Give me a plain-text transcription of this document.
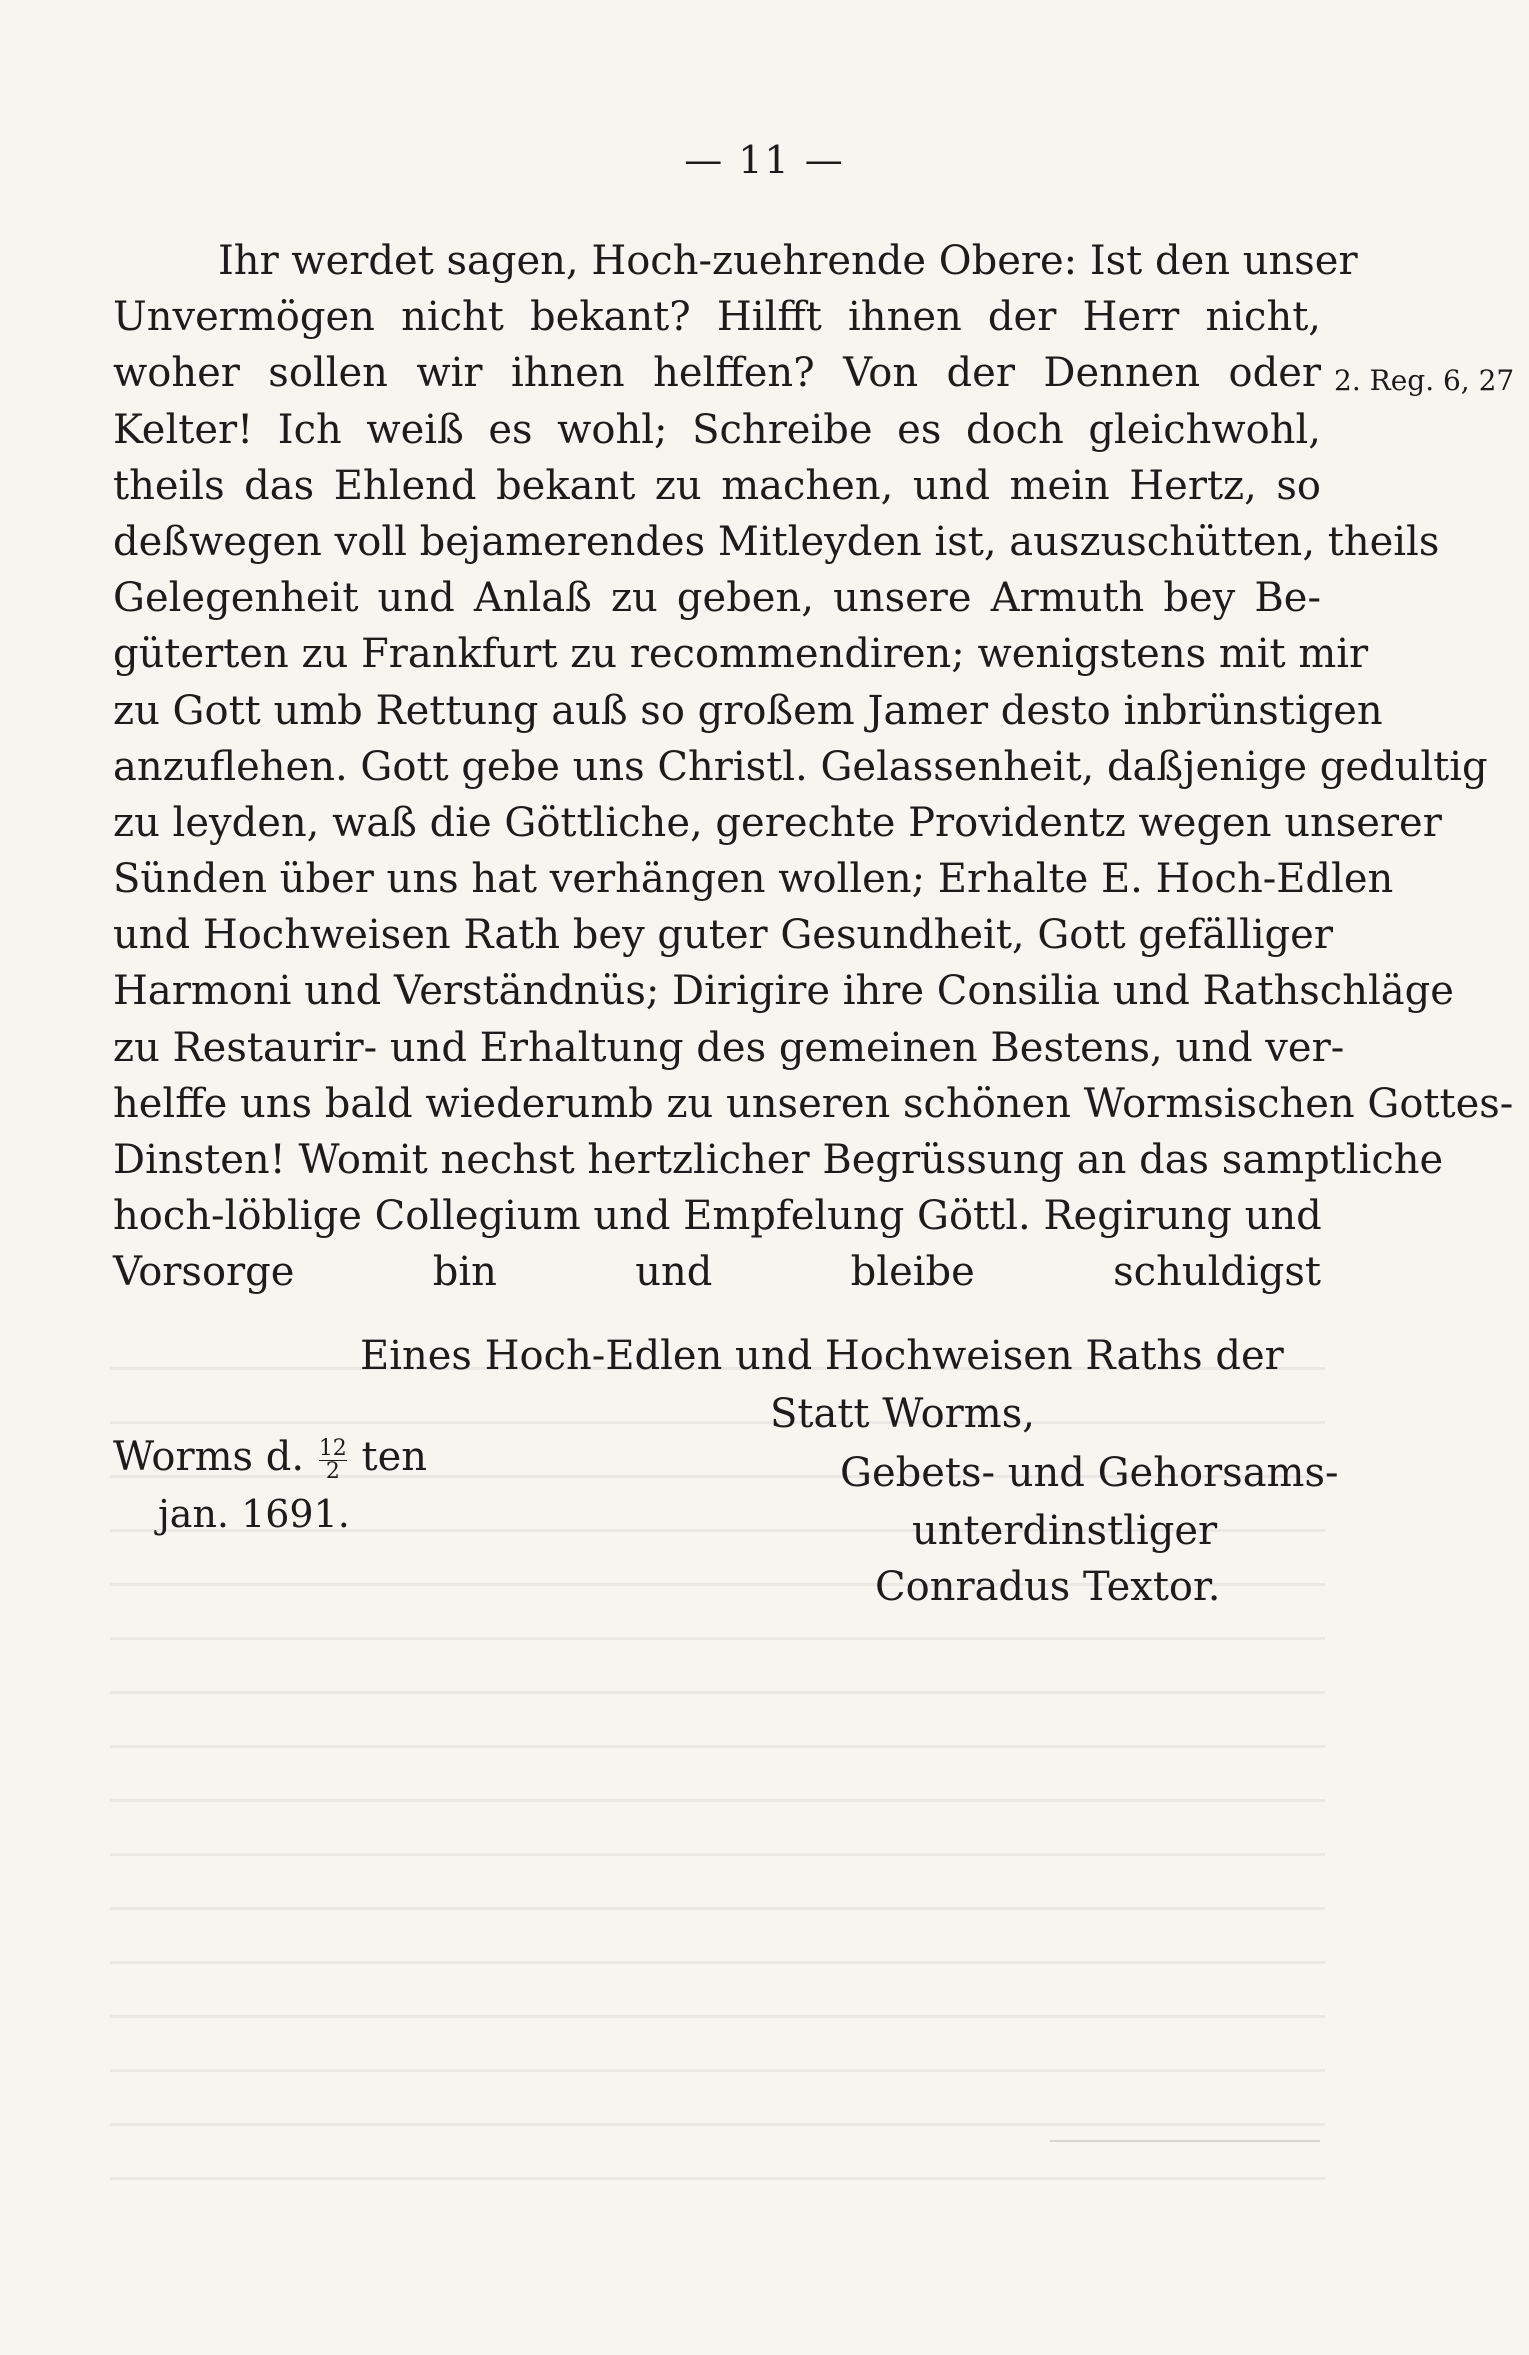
— 11 —
Ihr werdet sagen, Hoch-zuehrende Obere: Ist den unser
Unvermögen nicht bekant? Hilfft ihnen der Herr nicht,
woher sollen wir ihnen helffen? Von der Dennen oder
Kelter! Ich weiß es wohl; Schreibe es doch gleichwohl,
theils das Ehlend bekant zu machen, und mein Hertz, so
deßwegen voll bejamerendes Mitleyden ist, auszuschütten, theils
Gelegenheit und Anlaß zu geben, unsere Armuth bey Be-
güterten zu Frankfurt zu recommendiren; wenigstens mit mir
zu Gott umb Rettung auß so großem Jamer desto inbrünstigen
anzuflehen. Gott gebe uns Christl. Gelassenheit, daßjenige gedultig
zu leyden, waß die Göttliche, gerechte Providentz wegen unserer
Sünden über uns hat verhängen wollen; Erhalte E. Hoch-Edlen
und Hochweisen Rath bey guter Gesundheit, Gott gefälliger
Harmoni und Verständnüs; Dirigire ihre Consilia und Rathschläge
zu Restaurir- und Erhaltung des gemeinen Bestens, und ver-
helffe uns bald wiederumb zu unseren schönen Wormsischen Gottes-
Dinsten! Womit nechst hertzlicher Begrüssung an das samptliche
hoch-löblige Collegium und Empfelung Göttl. Regirung und
Vorsorge bin und bleibe schuldigst
2. Reg. 6, 27
Eines Hoch-Edlen und Hochweisen Raths der
Statt Worms,
Worms d. $\frac{12}{2}$ ten
jan. 1691.
Gebets- und Gehorsams-
unterdinstliger
Conradus Textor.
